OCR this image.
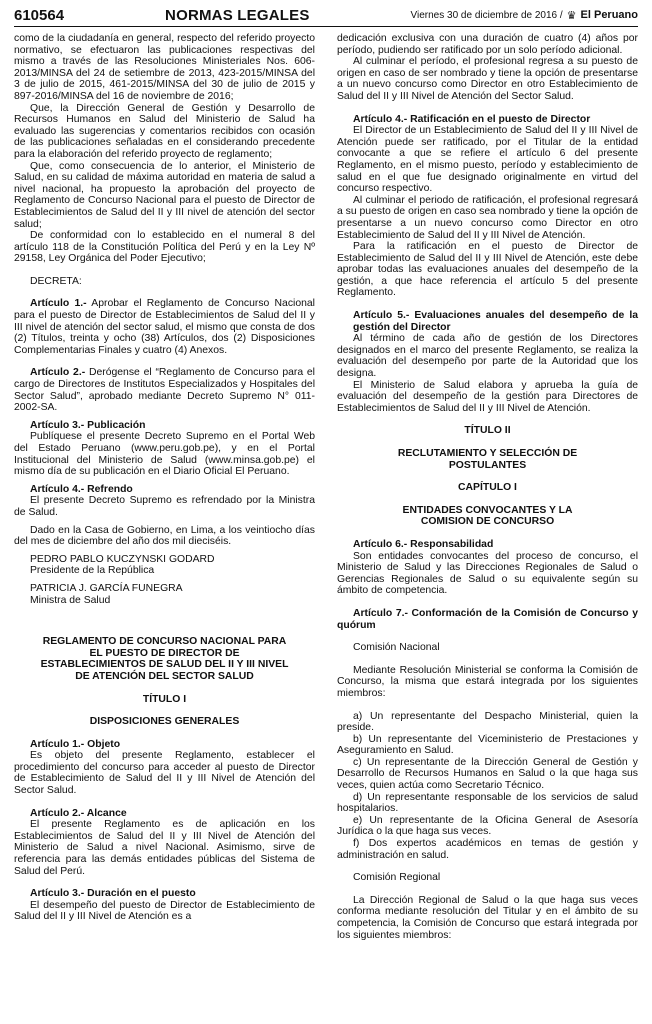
610564	NORMAS LEGALES	Viernes 30 de diciembre de 2016 / ♛ El Peruano

como de la ciudadanía en general, respecto del referido proyecto normativo, se efectuaron las publicaciones respectivas del mismo a través de las Resoluciones Ministeriales Nos. 606-2013/MINSA del 24 de setiembre de 2013, 423-2015/MINSA del 3 de julio de 2015, 461-2015/MINSA del 30 de julio de 2015 y 897-2016/MINSA del 16 de noviembre de 2016;

Que, la Dirección General de Gestión y Desarrollo de Recursos Humanos en Salud del Ministerio de Salud ha evaluado las sugerencias y comentarios recibidos con ocasión de las publicaciones señaladas en el considerando precedente para la elaboración del referido proyecto de reglamento;

Que, como consecuencia de lo anterior, el Ministerio de Salud, en su calidad de máxima autoridad en materia de salud a nivel nacional, ha propuesto la aprobación del proyecto de Reglamento de Concurso Nacional para el puesto de Director de Establecimientos de Salud del II y III nivel de atención del sector salud;

De conformidad con lo establecido en el numeral 8 del artículo 118 de la Constitución Política del Perú y en la Ley Nº 29158, Ley Orgánica del Poder Ejecutivo;

DECRETA:

Artículo 1.- Aprobar el Reglamento de Concurso Nacional para el puesto de Director de Establecimientos de Salud del II y III nivel de atención del sector salud, el mismo que consta de dos (2) Títulos, treinta y ocho (38) Artículos, dos (2) Disposiciones Complementarias Finales y cuatro (4) Anexos.

Artículo 2.- Derógense el “Reglamento de Concurso para el cargo de Directores de Institutos Especializados y Hospitales del Sector Salud”, aprobado mediante Decreto Supremo N° 011-2002-SA.

Artículo 3.- Publicación

Publíquese el presente Decreto Supremo en el Portal Web del Estado Peruano (www.peru.gob.pe), y en el Portal Institucional del Ministerio de Salud (www.minsa.gob.pe) el mismo día de su publicación en el Diario Oficial El Peruano.

Artículo 4.- Refrendo

El presente Decreto Supremo es refrendado por la Ministra de Salud.

Dado en la Casa de Gobierno, en Lima, a los veintiocho días del mes de diciembre del año dos mil dieciséis.

PEDRO PABLO KUCZYNSKI GODARD

Presidente de la República

PATRICIA J. GARCÍA FUNEGRA

Ministra de Salud

REGLAMENTO DE CONCURSO NACIONAL PARA EL PUESTO DE DIRECTOR DE ESTABLECIMIENTOS DE SALUD DEL II Y III NIVEL DE ATENCIÓN DEL SECTOR SALUD

TÍTULO I

DISPOSICIONES GENERALES

Artículo 1.- Objeto

Es objeto del presente Reglamento, establecer el procedimiento del concurso para acceder al puesto de Director de Establecimiento de Salud del II y III Nivel de Atención del Sector Salud.

Artículo 2.- Alcance

El presente Reglamento es de aplicación en los Establecimientos de Salud del II y III Nivel de Atención del Ministerio de Salud a nivel Nacional. Asimismo, sirve de referencia para las demás entidades públicas del Sistema de Salud del Perú.

Artículo 3.- Duración en el puesto

El desempeño del puesto de Director de Establecimiento de Salud del II y III Nivel de Atención es a

dedicación exclusiva con una duración de cuatro (4) años por período, pudiendo ser ratificado por un solo período adicional.

Al culminar el período, el profesional regresa a su puesto de origen en caso de ser nombrado y tiene la opción de presentarse a un nuevo concurso como Director en otro Establecimiento de Salud del II y III Nivel de Atención del Sector Salud.

Artículo 4.- Ratificación en el puesto de Director

El Director de un Establecimiento de Salud del II y III Nivel de Atención puede ser ratificado, por el Titular de la entidad convocante a que se refiere el artículo 6 del presente Reglamento, en el mismo puesto, período y establecimiento de salud en el que fue designado originalmente en virtud del concurso respectivo.

Al culminar el periodo de ratificación, el profesional regresará a su puesto de origen en caso sea nombrado y tiene la opción de presentarse a un nuevo concurso como Director en otro Establecimiento de Salud del II y III Nivel de Atención.

Para la ratificación en el puesto de Director de Establecimiento de Salud del II y III Nivel de Atención, este debe aprobar todas las evaluaciones anuales del desempeño de la gestión, a que hace referencia el artículo 5 del presente Reglamento.

Artículo 5.- Evaluaciones anuales del desempeño de la gestión del Director

Al término de cada año de gestión de los Directores designados en el marco del presente Reglamento, se realiza la evaluación del desempeño por parte de la Autoridad que los designa.

El Ministerio de Salud elabora y aprueba la guía de evaluación del desempeño de la gestión para Directores de Establecimientos de Salud del II y III Nivel de Atención.

TÍTULO II

RECLUTAMIENTO Y SELECCIÓN DE POSTULANTES

CAPÍTULO I

ENTIDADES CONVOCANTES Y LA COMISION DE CONCURSO

Artículo 6.- Responsabilidad

Son entidades convocantes del proceso de concurso, el Ministerio de Salud y las Direcciones Regionales de Salud o Gerencias Regionales de Salud o su equivalente según su ámbito de competencia.

Artículo 7.- Conformación de la Comisión de Concurso y quórum

Comisión Nacional

Mediante Resolución Ministerial se conforma la Comisión de Concurso, la misma que estará integrada por los siguientes miembros:

a) Un representante del Despacho Ministerial, quien la preside.

b) Un representante del Viceministerio de Prestaciones y Aseguramiento en Salud.

c) Un representante de la Dirección General de Gestión y Desarrollo de Recursos Humanos en Salud o la que haga sus veces, quien actúa como Secretario Técnico.

d) Un representante responsable de los servicios de salud hospitalarios.

e) Un representante de la Oficina General de Asesoría Jurídica o la que haga sus veces.

f) Dos expertos académicos en temas de gestión y administración en salud.

Comisión Regional

La Dirección Regional de Salud o la que haga sus veces conforma mediante resolución del Titular y en el ámbito de su competencia, la Comisión de Concurso que estará integrada por los siguientes miembros:
